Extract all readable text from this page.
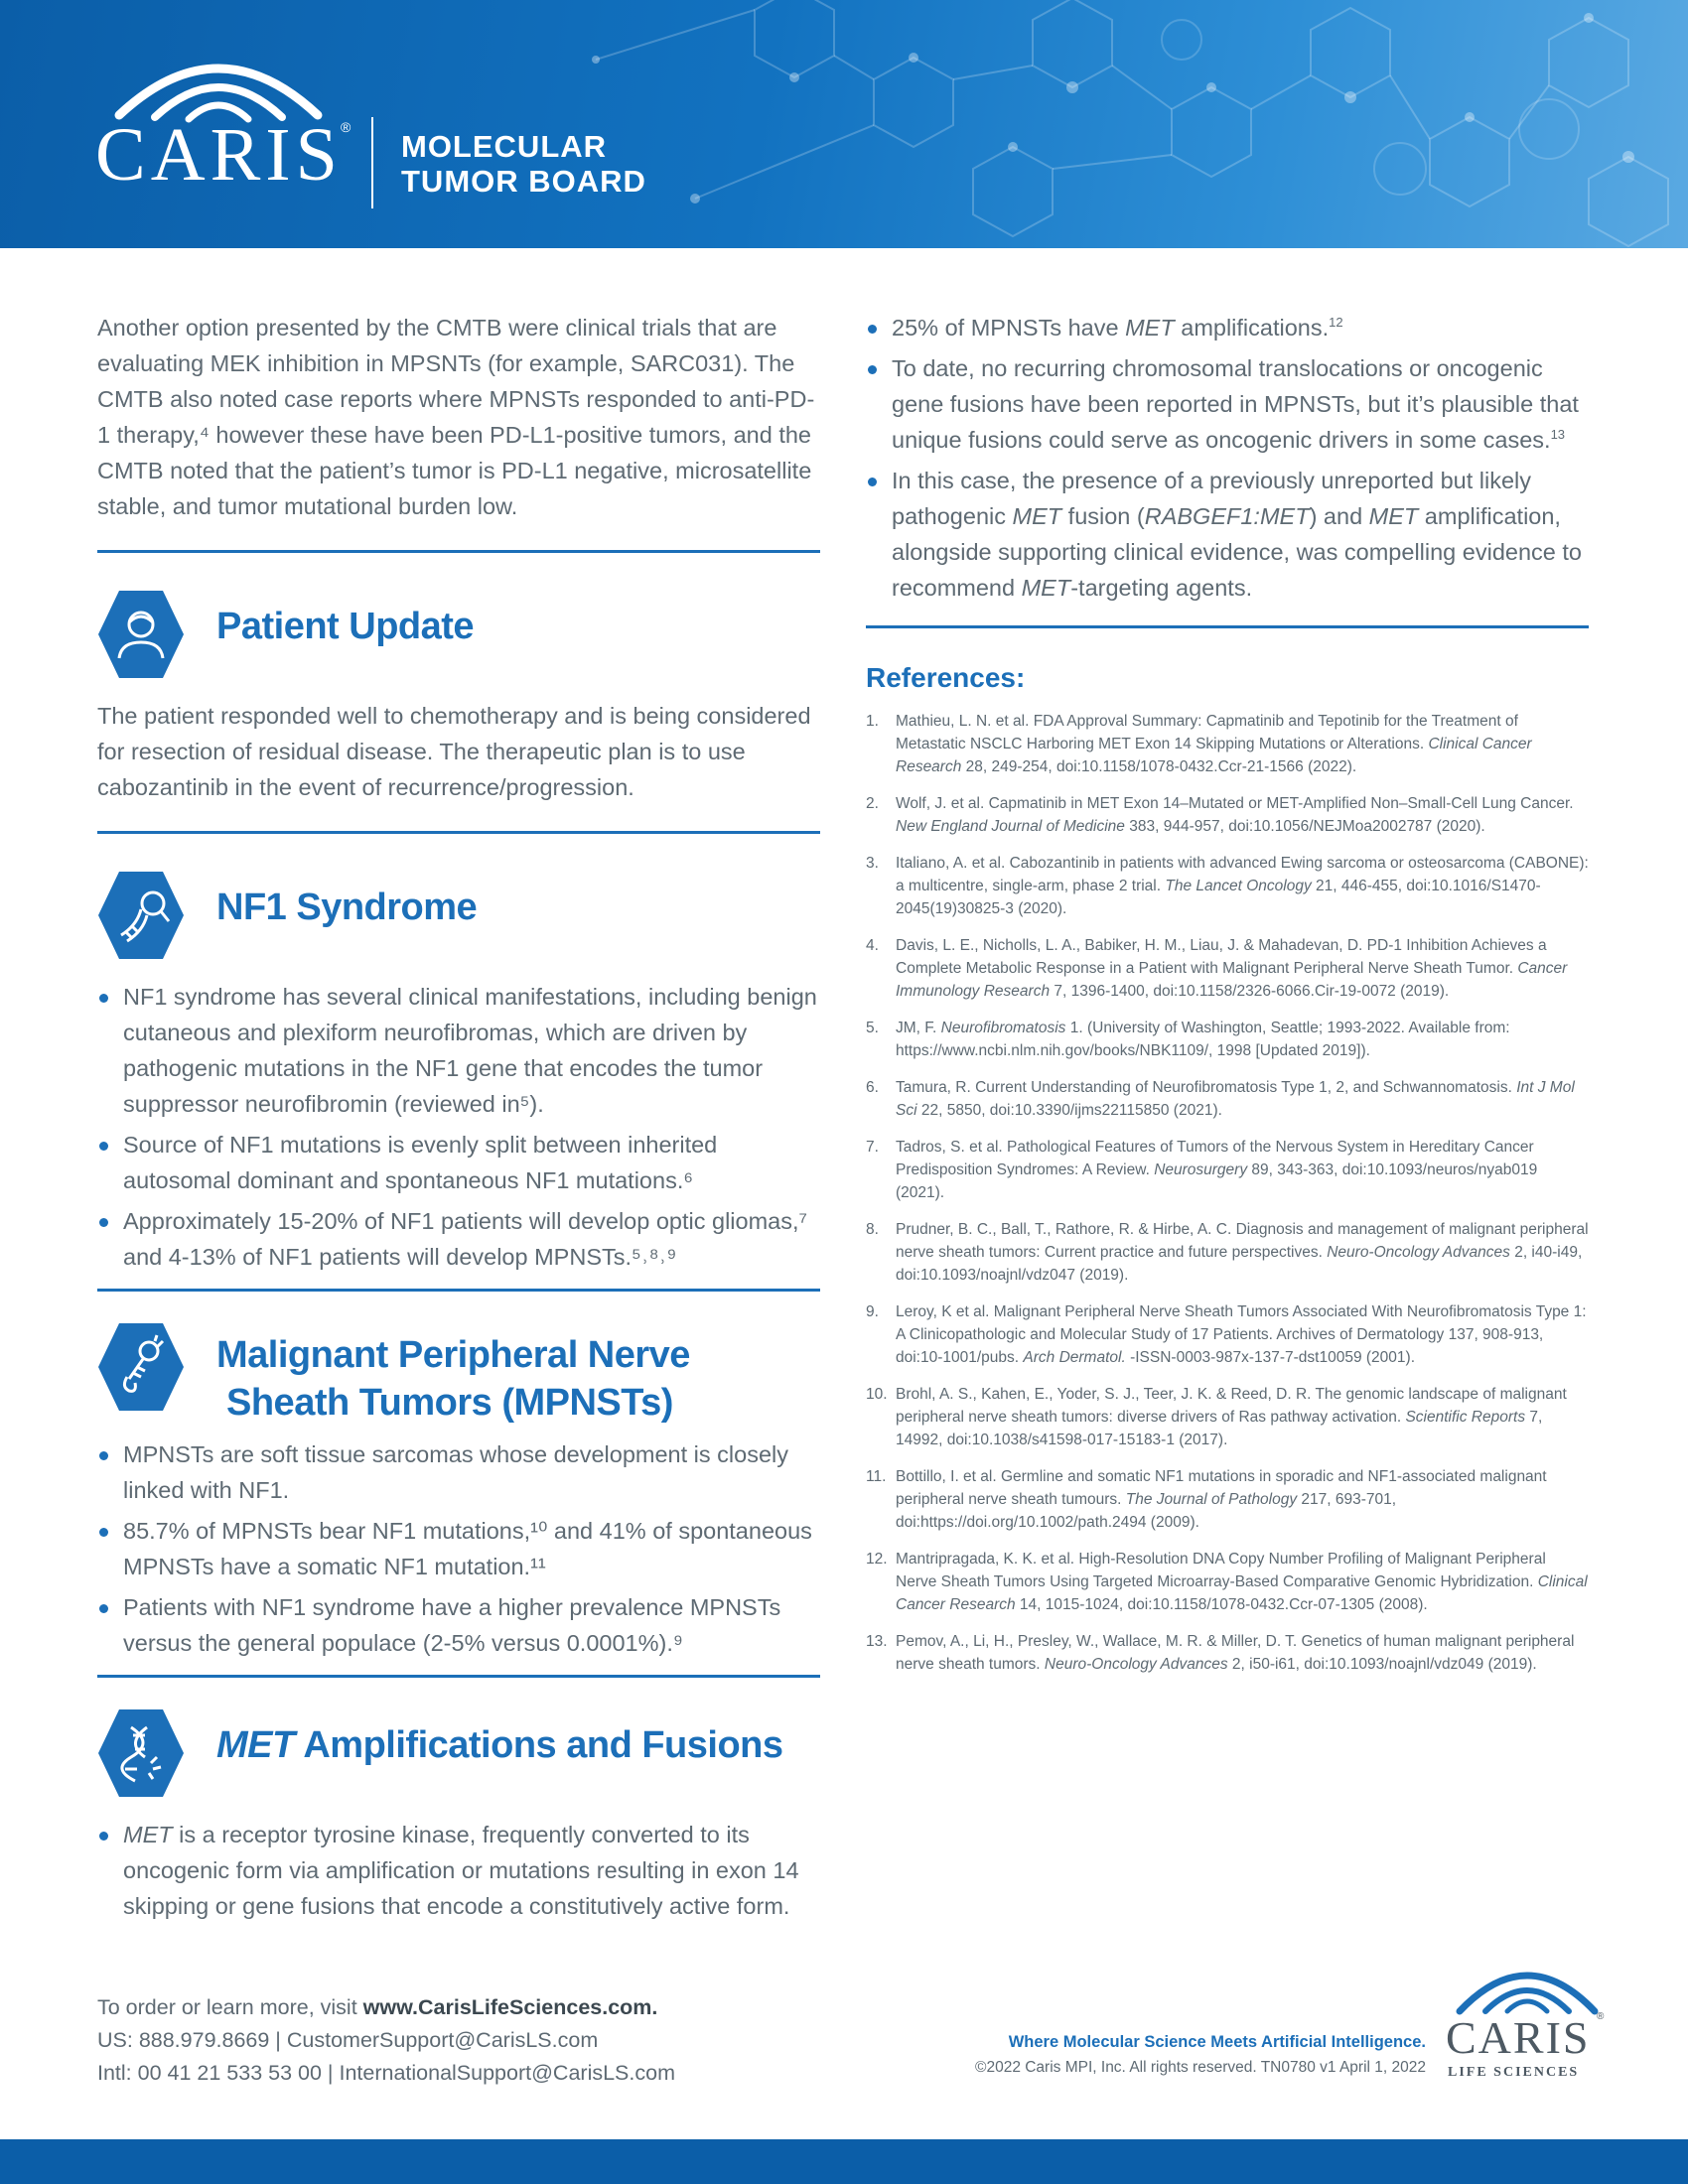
CARIS
®
MOLECULAR
TUMOR BOARD

Another option presented by the CMTB were clinical trials that are evaluating MEK inhibition in MPSNTs (for example, SARC031). The CMTB also noted case reports where MPNSTs responded to anti-PD-1 therapy,⁴ however these have been PD-L1-positive tumors, and the CMTB noted that the patient’s tumor is PD-L1 negative, microsatellite stable, and tumor mutational burden low.

Patient Update

The patient responded well to chemotherapy and is being considered for resection of residual disease. The therapeutic plan is to use cabozantinib in the event of recurrence/progression.

NF1 Syndrome
NF1 syndrome has several clinical manifestations, including benign cutaneous and plexiform neurofibromas, which are driven by pathogenic mutations in the NF1 gene that encodes the tumor suppressor neurofibromin (reviewed in⁵).
Source of NF1 mutations is evenly split between inherited autosomal dominant and spontaneous NF1 mutations.⁶
Approximately 15-20% of NF1 patients will develop optic gliomas,⁷ and 4-13% of NF1 patients will develop MPNSTs.⁵˒⁸˒⁹
Malignant Peripheral Nerve
Sheath Tumors (MPNSTs)
MPNSTs are soft tissue sarcomas whose development is closely linked with NF1.
85.7% of MPNSTs bear NF1 mutations,¹⁰ and 41% of spontaneous MPNSTs have a somatic NF1 mutation.¹¹
Patients with NF1 syndrome have a higher prevalence MPNSTs versus the general populace (2-5% versus 0.0001%).⁹
MET Amplifications and Fusions
MET is a receptor tyrosine kinase, frequently converted to its oncogenic form via amplification or mutations resulting in exon 14 skipping or gene fusions that encode a constitutively active form.
25% of MPNSTs have MET amplifications.$^{12}$
To date, no recurring chromosomal translocations or oncogenic gene fusions have been reported in MPNSTs, but it’s plausible that unique fusions could serve as oncogenic drivers in some cases.$^{13}$
In this case, the presence of a previously unreported but likely pathogenic MET fusion (RABGEF1:MET) and MET amplification, alongside supporting clinical evidence, was compelling evidence to recommend MET-targeting agents.
References:
1. Mathieu, L. N. et al. FDA Approval Summary: Capmatinib and Tepotinib for the Treatment of Metastatic NSCLC Harboring MET Exon 14 Skipping Mutations or Alterations. Clinical Cancer Research 28, 249-254, doi:10.1158/1078-0432.Ccr-21-1566 (2022).
2. Wolf, J. et al. Capmatinib in MET Exon 14–Mutated or MET-Amplified Non–Small-Cell Lung Cancer. New England Journal of Medicine 383, 944-957, doi:10.1056/NEJMoa2002787 (2020).
3. Italiano, A. et al. Cabozantinib in patients with advanced Ewing sarcoma or osteosarcoma (CABONE): a multicentre, single-arm, phase 2 trial. The Lancet Oncology 21, 446-455, doi:10.1016/S1470-2045(19)30825-3 (2020).
4. Davis, L. E., Nicholls, L. A., Babiker, H. M., Liau, J. & Mahadevan, D. PD-1 Inhibition Achieves a Complete Metabolic Response in a Patient with Malignant Peripheral Nerve Sheath Tumor. Cancer Immunology Research 7, 1396-1400, doi:10.1158/2326-6066.Cir-19-0072 (2019).
5. JM, F. Neurofibromatosis 1. (University of Washington, Seattle; 1993-2022. Available from: https://www.ncbi.nlm.nih.gov/books/NBK1109/, 1998 [Updated 2019]).
6. Tamura, R. Current Understanding of Neurofibromatosis Type 1, 2, and Schwannomatosis. Int J Mol Sci 22, 5850, doi:10.3390/ijms22115850 (2021).
7. Tadros, S. et al. Pathological Features of Tumors of the Nervous System in Hereditary Cancer Predisposition Syndromes: A Review. Neurosurgery 89, 343-363, doi:10.1093/neuros/nyab019 (2021).
8. Prudner, B. C., Ball, T., Rathore, R. & Hirbe, A. C. Diagnosis and management of malignant peripheral nerve sheath tumors: Current practice and future perspectives. Neuro-Oncology Advances 2, i40-i49, doi:10.1093/noajnl/vdz047 (2019).
9. Leroy, K et al. Malignant Peripheral Nerve Sheath Tumors Associated With Neurofibromatosis Type 1: A Clinicopathologic and Molecular Study of 17 Patients. Archives of Dermatology 137, 908-913, doi:10-1001/pubs. Arch Dermatol. -ISSN-0003-987x-137-7-dst10059 (2001).
10. Brohl, A. S., Kahen, E., Yoder, S. J., Teer, J. K. & Reed, D. R. The genomic landscape of malignant peripheral nerve sheath tumors: diverse drivers of Ras pathway activation. Scientific Reports 7, 14992, doi:10.1038/s41598-017-15183-1 (2017).
11. Bottillo, I. et al. Germline and somatic NF1 mutations in sporadic and NF1-associated malignant peripheral nerve sheath tumours. The Journal of Pathology 217, 693-701, doi:https://doi.org/10.1002/path.2494 (2009).
12. Mantripragada, K. K. et al. High-Resolution DNA Copy Number Profiling of Malignant Peripheral Nerve Sheath Tumors Using Targeted Microarray-Based Comparative Genomic Hybridization. Clinical Cancer Research 14, 1015-1024, doi:10.1158/1078-0432.Ccr-07-1305 (2008).
13. Pemov, A., Li, H., Presley, W., Wallace, M. R. & Miller, D. T. Genetics of human malignant peripheral nerve sheath tumors. Neuro-Oncology Advances 2, i50-i61, doi:10.1093/noajnl/vdz049 (2019).
To order or learn more, visit www.CarisLifeSciences.com.
US: 888.979.8669 | CustomerSupport@CarisLS.com
Intl: 00 41 21 533 53 00 | InternationalSupport@CarisLS.com
Where Molecular Science Meets Artificial Intelligence.
©2022 Caris MPI, Inc. All rights reserved. TN0780 v1 April 1, 2022
CARIS ®
LIFE SCIENCES
